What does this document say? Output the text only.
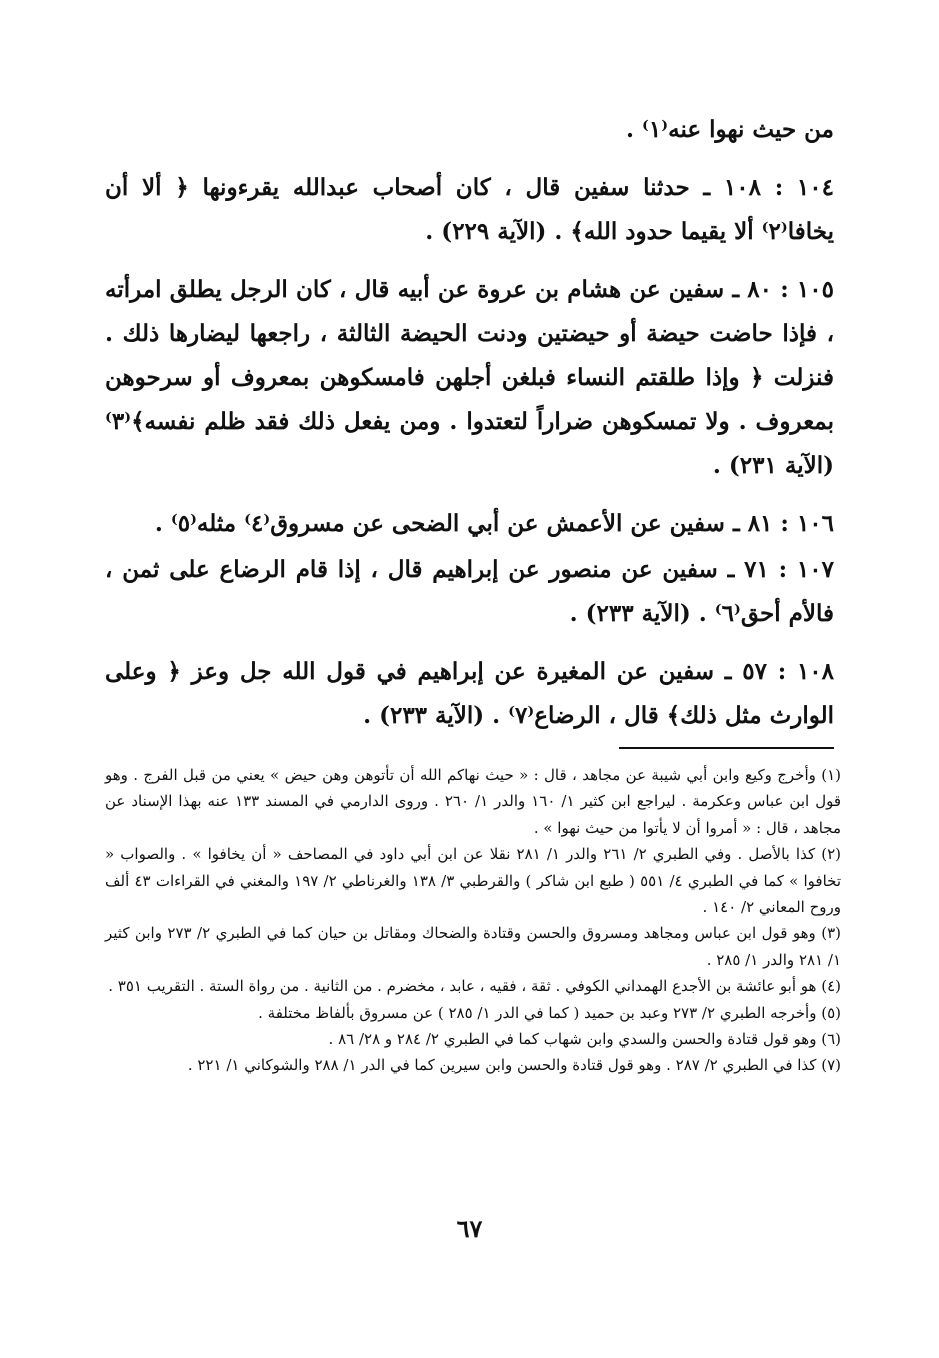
من حيث نهوا عنه⁽١⁾ .

١٠٤ : ١٠٨ ـ حدثنا سفين قال ، كان أصحاب عبدالله يقرءونها ﴿ ألا أن يخافا⁽٢⁾ ألا يقيما حدود الله﴾ . (الآية ٢٢٩) .

١٠٥ : ٨٠ ـ سفين عن هشام بن عروة عن أبيه قال ، كان الرجل يطلق امرأته ، فإذا حاضت حيضة أو حيضتين ودنت الحيضة الثالثة ، راجعها ليضارها ذلك . فنزلت ﴿ وإذا طلقتم النساء فبلغن أجلهن فامسكوهن بمعروف أو سرحوهن بمعروف . ولا تمسكوهن ضراراً لتعتدوا . ومن يفعل ذلك فقد ظلم نفسه﴾⁽٣⁾ (الآية ٢٣١) .

١٠٦ : ٨١ ـ سفين عن الأعمش عن أبي الضحى عن مسروق⁽٤⁾ مثله⁽٥⁾ .

١٠٧ : ٧١ ـ سفين عن منصور عن إبراهيم قال ، إذا قام الرضاع على ثمن ، فالأم أحق⁽٦⁾ . (الآية ٢٣٣) .

١٠٨ : ٥٧ ـ سفين عن المغيرة عن إبراهيم في قول الله جل وعز ﴿ وعلى الوارث مثل ذلك﴾ قال ، الرضاع⁽٧⁾ . (الآية ٢٣٣) .

(١) وأخرج وكيع وابن أبي شيبة عن مجاهد ، قال : « حيث نهاكم الله أن تأتوهن وهن حيض » يعني من قبل الفرج . وهو قول ابن عباس وعكرمة . ليراجع ابن كثير ١/ ١٦٠ والدر ١/ ٢٦٠ . وروى الدارمي في المسند ١٣٣ عنه بهذا الإسناد عن مجاهد ، قال : « أمروا أن لا يأتوا من حيث نهوا » .

(٢) كذا بالأصل . وفي الطبري ٢/ ٢٦١ والدر ١/ ٢٨١ نقلا عن ابن أبي داود في المصاحف « أن يخافوا » . والصواب « تخافوا » كما في الطبري ٤/ ٥٥١ ( طبع ابن شاكر ) والقرطبي ٣/ ١٣٨ والغرناطي ٢/ ١٩٧ والمغني في القراءات ٤٣ ألف وروح المعاني ٢/ ١٤٠ .

(٣) وهو قول ابن عباس ومجاهد ومسروق والحسن وقتادة والضحاك ومقاتل بن حيان كما في الطبري ٢/ ٢٧٣ وابن كثير ١/ ٢٨١ والدر ١/ ٢٨٥ .

(٤) هو أبو عائشة بن الأجدع الهمداني الكوفي . ثقة ، فقيه ، عابد ، مخضرم . من الثانية . من رواة الستة . التقريب ٣٥١ .

(٥) وأخرجه الطبري ٢/ ٢٧٣ وعبد بن حميد ( كما في الدر ١/ ٢٨٥ ) عن مسروق بألفاظ مختلفة .

(٦) وهو قول قتادة والحسن والسدي وابن شهاب كما في الطبري ٢/ ٢٨٤ و ٢٨/ ٨٦ .

(٧) كذا في الطبري ٢/ ٢٨٧ . وهو قول قتادة والحسن وابن سيرين كما في الدر ١/ ٢٨٨ والشوكاني ١/ ٢٢١ .

٦٧
